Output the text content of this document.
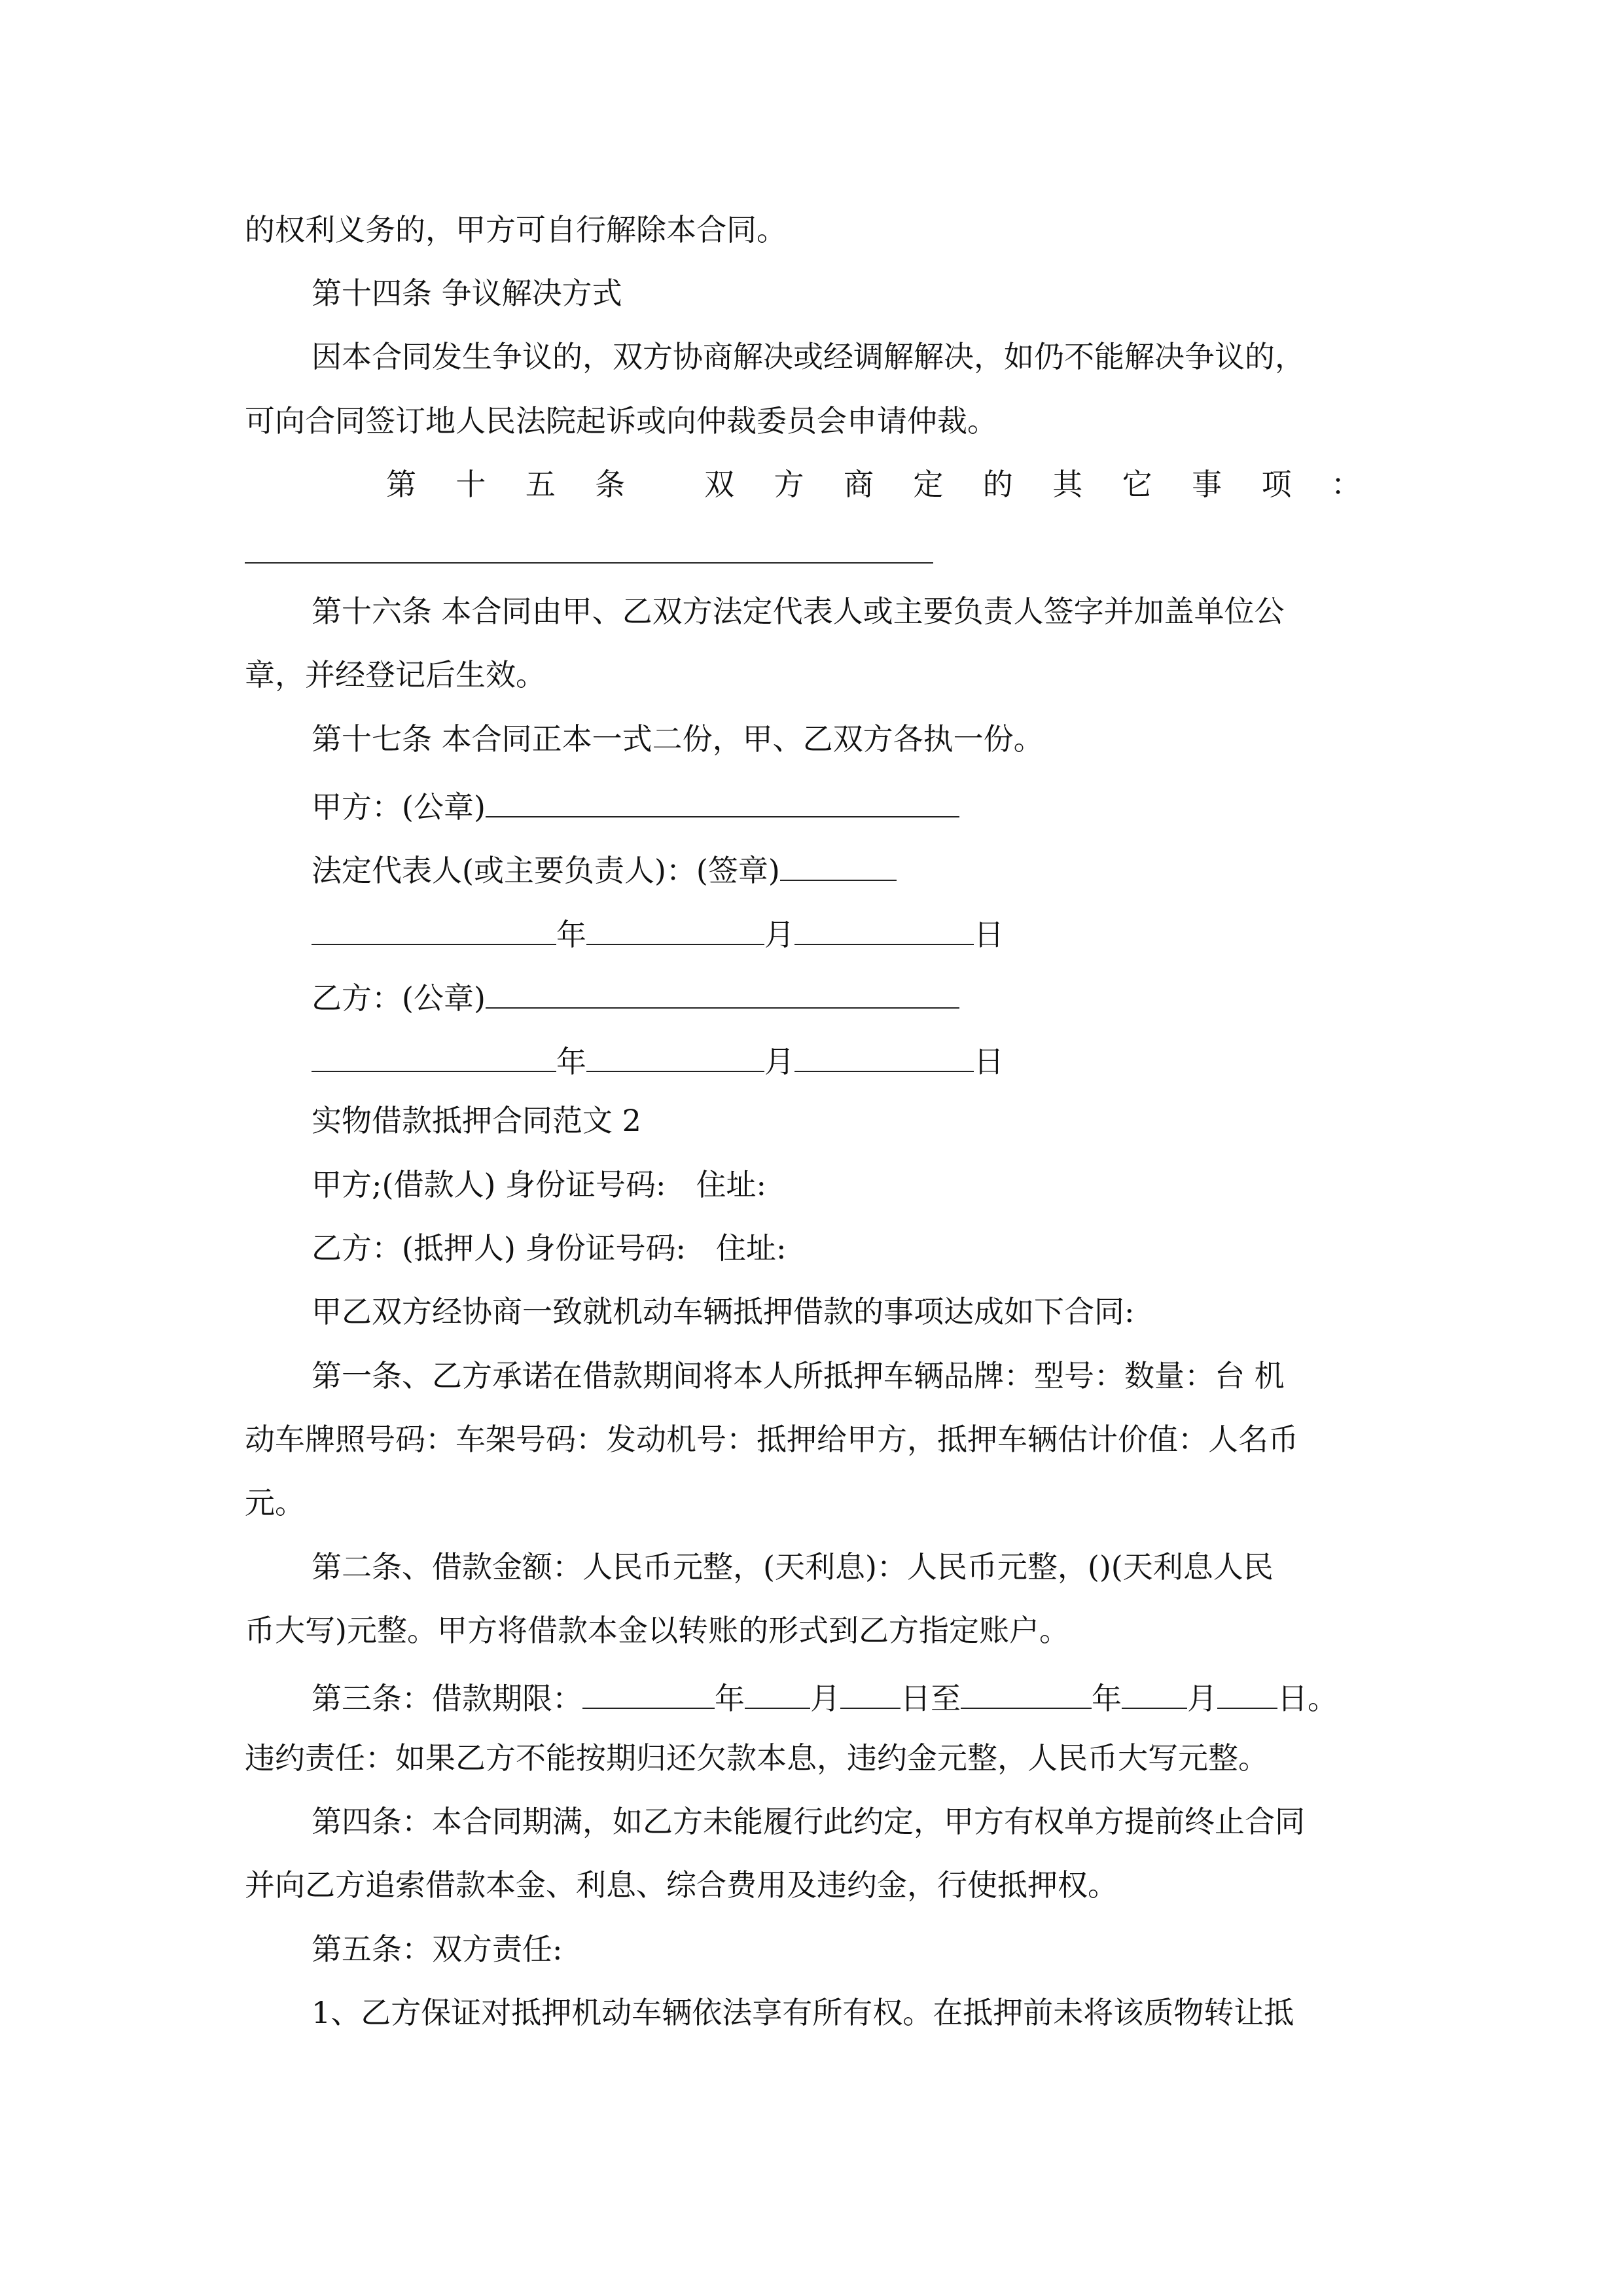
的权利义务的，甲方可自行解除本合同。
第十四条 争议解决方式
因本合同发生争议的，双方协商解决或经调解解决，如仍不能解决争议的，
可向合同签订地人民法院起诉或向仲裁委员会申请仲裁。
第 十 五 条	双 方 商 定 的 其 它 事 项 ：
第十六条 本合同由甲、乙双方法定代表人或主要负责人签字并加盖单位公
章，并经登记后生效。
第十七条 本合同正本一式二份，甲、乙双方各执一份。
甲方：(公章)
法定代表人(或主要负责人)：(签章)
年	月	日
乙方：(公章)
年	月	日
实物借款抵押合同范文 2
甲方;(借款人) 身份证号码:　住址:
乙方：(抵押人) 身份证号码:　住址:
甲乙双方经协商一致就机动车辆抵押借款的事项达成如下合同:
第一条、乙方承诺在借款期间将本人所抵押车辆品牌：型号：数量：台 机
动车牌照号码：车架号码：发动机号：抵押给甲方，抵押车辆估计价值：人名币
元。
第二条、借款金额：人民币元整，(天利息)：人民币元整，()(天利息人民
币大写)元整。甲方将借款本金以转账的形式到乙方指定账户。
第三条：借款期限：	年 月 日至	年 月 日。
违约责任：如果乙方不能按期归还欠款本息，违约金元整，人民币大写元整。
第四条：本合同期满，如乙方未能履行此约定，甲方有权单方提前终止合同
并向乙方追索借款本金、利息、综合费用及违约金，行使抵押权。
第五条：双方责任:
1、乙方保证对抵押机动车辆依法享有所有权。在抵押前未将该质物转让抵
